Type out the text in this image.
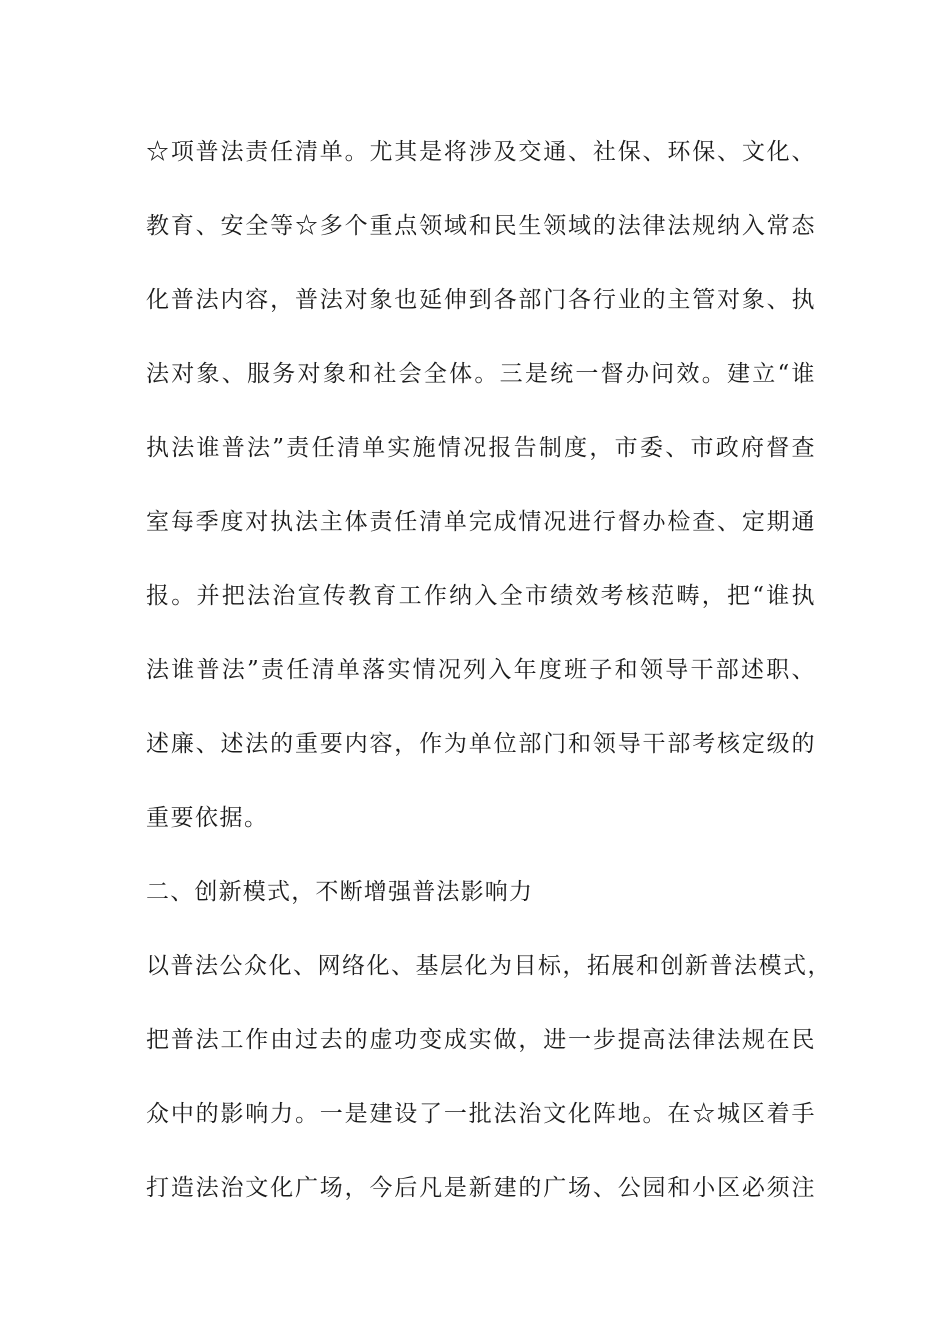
☆项普法责任清单。尤其是将涉及交通、社保、环保、文化、
教育、安全等☆多个重点领域和民生领域的法律法规纳入常态
化普法内容，普法对象也延伸到各部门各行业的主管对象、执
法对象、服务对象和社会全体。三是统一督办问效。建立“谁
执法谁普法”责任清单实施情况报告制度，市委、市政府督查
室每季度对执法主体责任清单完成情况进行督办检查、定期通
报。并把法治宣传教育工作纳入全市绩效考核范畴，把“谁执
法谁普法”责任清单落实情况列入年度班子和领导干部述职、
述廉、述法的重要内容，作为单位部门和领导干部考核定级的
重要依据。
二、创新模式，不断增强普法影响力
以普法公众化、网络化、基层化为目标，拓展和创新普法模式，
把普法工作由过去的虚功变成实做，进一步提高法律法规在民
众中的影响力。一是建设了一批法治文化阵地。在☆城区着手
打造法治文化广场，今后凡是新建的广场、公园和小区必须注
